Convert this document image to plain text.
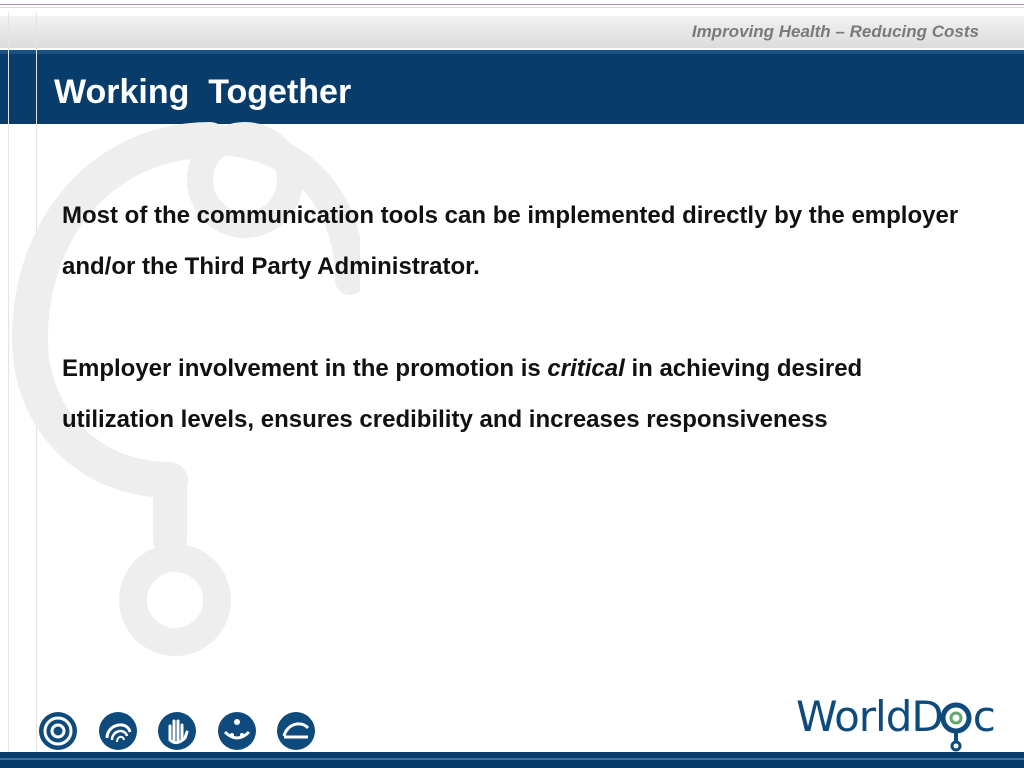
Improving Health – Reducing Costs
Working  Together

Most of the communication tools can be implemented directly by the employer and/or the Third Party Administrator.

Employer involvement in the promotion is critical in achieving desired utilization levels, ensures credibility and increases responsiveness

WorldD c
